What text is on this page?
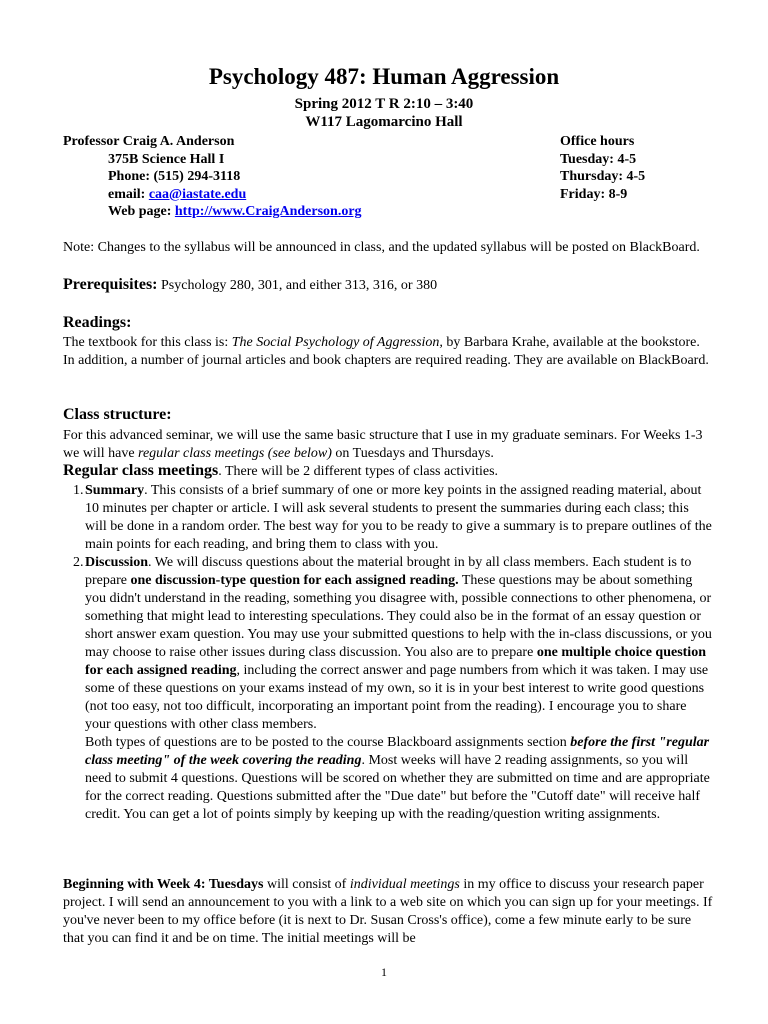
Psychology 487: Human Aggression
Spring 2012 T R 2:10 – 3:40
W117 Lagomarcino Hall
Professor Craig A. Anderson
375B Science Hall I
Phone: (515) 294-3118
email: caa@iastate.edu
Web page: http://www.CraigAnderson.org
Office hours
Tuesday: 4-5
Thursday: 4-5
Friday: 8-9
Note: Changes to the syllabus will be announced in class, and the updated syllabus will be posted on BlackBoard.
Prerequisites: Psychology 280, 301, and either 313, 316, or 380
Readings:
The textbook for this class is: The Social Psychology of Aggression, by Barbara Krahe, available at the bookstore. In addition, a number of journal articles and book chapters are required reading. They are available on BlackBoard.
Class structure:
For this advanced seminar, we will use the same basic structure that I use in my graduate seminars. For Weeks 1-3 we will have regular class meetings (see below) on Tuesdays and Thursdays.
Regular class meetings. There will be 2 different types of class activities.
1. Summary. This consists of a brief summary of one or more key points in the assigned reading material, about 10 minutes per chapter or article. I will ask several students to present the summaries during each class; this will be done in a random order. The best way for you to be ready to give a summary is to prepare outlines of the main points for each reading, and bring them to class with you.
2. Discussion. We will discuss questions about the material brought in by all class members. Each student is to prepare one discussion-type question for each assigned reading. These questions may be about something you didn't understand in the reading, something you disagree with, possible connections to other phenomena, or something that might lead to interesting speculations. They could also be in the format of an essay question or short answer exam question. You may use your submitted questions to help with the in-class discussions, or you may choose to raise other issues during class discussion. You also are to prepare one multiple choice question for each assigned reading, including the correct answer and page numbers from which it was taken. I may use some of these questions on your exams instead of my own, so it is in your best interest to write good questions (not too easy, not too difficult, incorporating an important point from the reading). I encourage you to share your questions with other class members.
Both types of questions are to be posted to the course Blackboard assignments section before the first "regular class meeting" of the week covering the reading. Most weeks will have 2 reading assignments, so you will need to submit 4 questions. Questions will be scored on whether they are submitted on time and are appropriate for the correct reading. Questions submitted after the "Due date" but before the "Cutoff date" will receive half credit. You can get a lot of points simply by keeping up with the reading/question writing assignments.
Beginning with Week 4: Tuesdays will consist of individual meetings in my office to discuss your research paper project. I will send an announcement to you with a link to a web site on which you can sign up for your meetings. If you've never been to my office before (it is next to Dr. Susan Cross's office), come a few minute early to be sure that you can find it and be on time. The initial meetings will be
1
